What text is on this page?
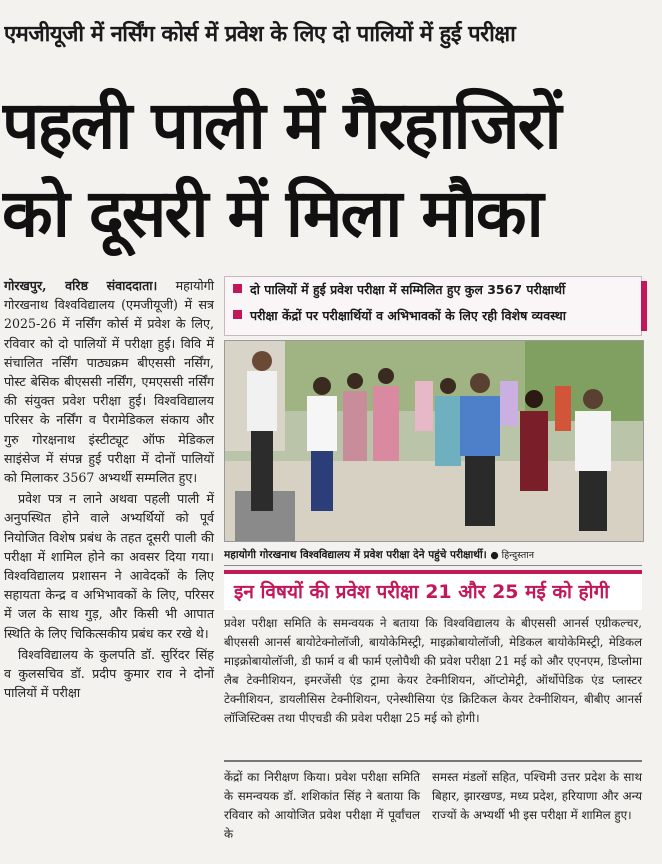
एमजीयूजी में नर्सिंग कोर्स में प्रवेश के लिए दो पालियों में हुई परीक्षा
पहली पाली में गैरहाजिरों
को दूसरी में मिला मौका

गोरखपुर, वरिष्ठ संवाददाता। महायोगी गोरखनाथ विश्वविद्यालय (एमजीयूजी) में सत्र 2025-26 में नर्सिंग कोर्स में प्रवेश के लिए, रविवार को दो पालियों में परीक्षा हुई। विवि में संचालित नर्सिंग पाठ्यक्रम बीएससी नर्सिंग, पोस्ट बेसिक बीएससी नर्सिंग, एमएससी नर्सिंग की संयुक्त प्रवेश परीक्षा हुई। विश्वविद्यालय परिसर के नर्सिंग व पैरामेडिकल संकाय और गुरु गोरक्षनाथ इंस्टीट्यूट ऑफ मेडिकल साइंसेज में संपन्न हुई परीक्षा में दोनों पालियों को मिलाकर 3567 अभ्यर्थी सम्मलित हुए।

प्रवेश पत्र न लाने अथवा पहली पाली में अनुपस्थित होने वाले अभ्यर्थियों को पूर्व नियोजित विशेष प्रबंध के तहत दूसरी पाली की परीक्षा में शामिल होने का अवसर दिया गया। विश्वविद्यालय प्रशासन ने आवेदकों के लिए सहायता केन्द्र व अभिभावकों के लिए, परिसर में जल के साथ गुड़, और किसी भी आपात स्थिति के लिए चिकित्सकीय प्रबंध कर रखे थे।

विश्वविद्यालय के कुलपति डॉ. सुरिंदर सिंह व कुलसचिव डॉ. प्रदीप कुमार राव ने दोनों पालियों में परीक्षा

दो पालियों में हुई प्रवेश परीक्षा में सम्मिलित हुए कुल 3567 परीक्षार्थी
परीक्षा केंद्रों पर परीक्षार्थियों व अभिभावकों के लिए रही विशेष व्यवस्था
महायोगी गोरखनाथ विश्वविद्यालय में प्रवेश परीक्षा देने पहुंचे परीक्षार्थी। ● हिन्दुस्तान
इन विषयों की प्रवेश परीक्षा 21 और 25 मई को होगी

प्रवेश परीक्षा समिति के समन्वयक ने बताया कि विश्वविद्यालय के बीएससी आनर्स एग्रीकल्चर, बीएससी आनर्स बायोटेक्नोलॉजी, बायोकेमिस्ट्री, माइक्रोबायोलॉजी, मेडिकल बायोकेमिस्ट्री, मेडिकल माइक्रोबायोलॉजी, डी फार्म व बी फार्म एलोपैथी की प्रवेश परीक्षा 21 मई को और एएनएम, डिप्लोमा लैब टेक्नीशियन, इमरजेंसी एंड ट्रामा केयर टेक्नीशियन, ऑप्टोमेट्री, ऑर्थोपेडिक एंड प्लास्टर टेक्नीशियन, डायलीसिस टेक्नीशियन, एनेस्थीसिया एंड क्रिटिकल केयर टेक्नीशियन, बीबीए आनर्स लॉजिस्टिक्स तथा पीएचडी की प्रवेश परीक्षा 25 मई को होगी।

केंद्रों का निरीक्षण किया। प्रवेश परीक्षा समिति के समन्वयक डॉ. शशिकांत सिंह ने बताया कि रविवार को आयोजित प्रवेश परीक्षा में पूर्वांचल के

समस्त मंडलों सहित, पश्चिमी उत्तर प्रदेश के साथ बिहार, झारखण्ड, मध्य प्रदेश, हरियाणा और अन्य राज्यों के अभ्यर्थी भी इस परीक्षा में शामिल हुए।
